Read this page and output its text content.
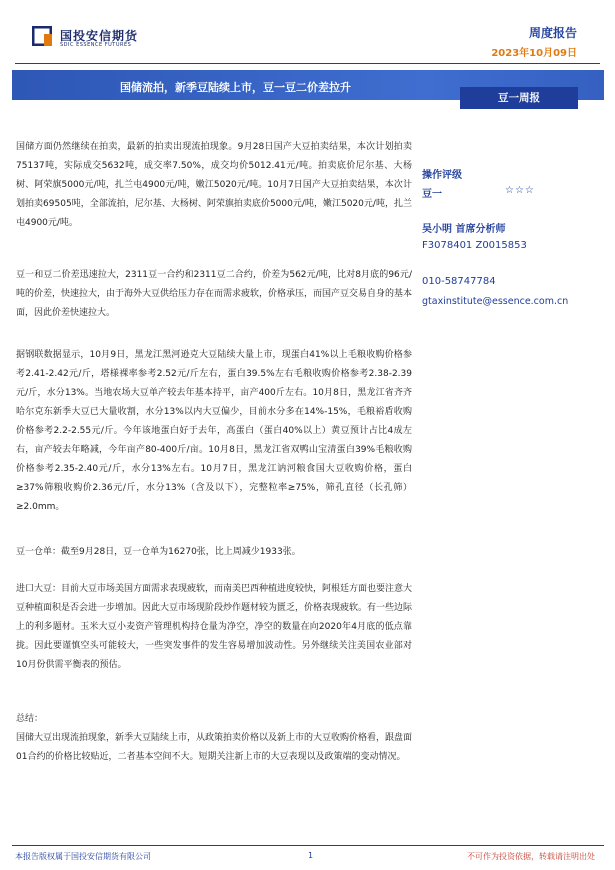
国投安信期货
SDIC ESSENCE FUTURES
周度报告
2023年10月09日
国储流拍，新季豆陆续上市，豆一豆二价差拉升
豆一周报
国储方面仍然继续在拍卖，最新的拍卖出现流拍现象。9月28日国产大豆拍卖结果，本次计划拍卖75137吨，实际成交5632吨，成交率7.50%，成交均价5012.41元/吨。拍卖底价尼尔基、大杨树、阿荣旗5000元/吨，扎兰屯4900元/吨，嫩江5020元/吨。10月7日国产大豆拍卖结果，本次计划拍卖69505吨，全部流拍，尼尔基、大杨树、阿荣旗拍卖底价5000元/吨，嫩江5020元/吨，扎兰屯4900元/吨。
豆一和豆二价差迅速拉大，2311豆一合约和2311豆二合约，价差为562元/吨，比对8月底的96元/吨的价差，快速拉大，由于海外大豆供给压力存在而需求疲软，价格承压，而国产豆交易自身的基本面，因此价差快速拉大。
据钢联数据显示，10月9日，黑龙江黑河逊克大豆陆续大量上市，现蛋白41%以上毛粮收购价格参考2.41-2.42元/斤，塔様裸率参考2.52元/斤左右，蛋白39.5%左右毛粮收购价格参考2.38-2.39元/斤，水分13%。当地农场大豆单产较去年基本持平，亩产400斤左右。10月8日，黑龙江省齐齐哈尔克东新季大豆已大量收割，水分13%以内大豆偏少，目前水分多在14%-15%，毛粮裕盾收购价格参考2.2-2.55元/斤。今年该地蛋白好于去年，高蛋白（蛋白40%以上）黄豆预计占比4成左右，亩产较去年略减，今年亩产80-400斤/亩。10月8日，黑龙江省双鸭山宝清蛋白39%毛粮收购价格参考2.35-2.40元/斤，水分13%左右。10月7日，黑龙江讷河粮食国大豆收购价格，蛋白≥37%筛粮收购价2.36元/斤，水分13%（含及以下），完整粒率≥75%，筛孔直径（长孔筛）≥2.0mm。
豆一仓单：截至9月28日，豆一仓单为16270张，比上周减少1933张。
进口大豆：目前大豆市场美国方面需求表现疲软，而南美巴西种植进度较快，阿根廷方面也要注意大豆种植面积是否会进一步增加。因此大豆市场现阶段炒作题材较为匮乏，价格表现疲软。有一些边际上的利多题材。玉米大豆小麦资产管理机构持仓量为净空，净空的数量在向2020年4月底的低点靠拢。因此要谨慎空头可能较大，一些突发事件的发生容易增加波动性。另外继续关注美国农业部对10月份供需平衡表的预估。
总结：
国储大豆出现流拍现象，新季大豆陆续上市，从政策拍卖价格以及新上市的大豆收购价格看，跟盘面01合约的价格比较贴近，二者基本空间不大。短期关注新上市的大豆表现以及政策端的变动情况。
操作评级
豆一	☆☆☆
吴小明 首席分析师
F3078401 Z0015853
010-58747784
gtaxinstitute@essence.com.cn
本报告版权属于国投安信期货有限公司	1	不可作为投资依据，转载请注明出处
